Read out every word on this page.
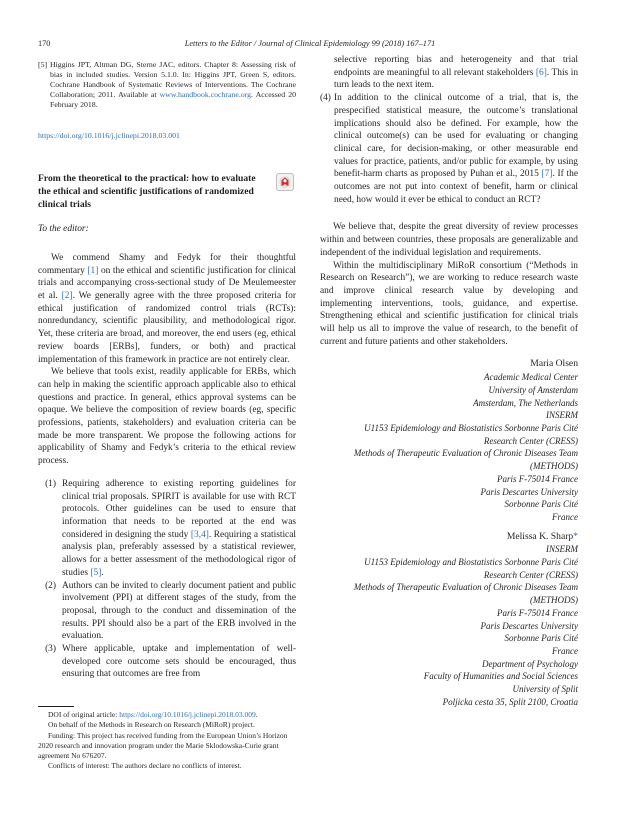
170	Letters to the Editor / Journal of Clinical Epidemiology 99 (2018) 167–171
[5] Higgins JPT, Altman DG, Sterne JAC, editors. Chapter 8: Assessing risk of bias in included studies. Version 5.1.0. In: Higgins JPT, Green S, editors. Cochrane Handbook of Systematic Reviews of Interventions. The Cochrane Collaboration; 2011. Available at www.handbook.cochrane.org. Accessed 20 February 2018.
https://doi.org/10.1016/j.jclinepi.2018.03.001
From the theoretical to the practical: how to evaluate the ethical and scientific justifications of randomized clinical trials
To the editor:

We commend Shamy and Fedyk for their thoughtful commentary [1] on the ethical and scientific justification for clinical trials and accompanying cross-sectional study of De Meulemeester et al. [2]. We generally agree with the three proposed criteria for ethical justification of randomized control trials (RCTs): nonredundancy, scientific plausibility, and methodological rigor. Yet, these criteria are broad, and moreover, the end users (eg, ethical review boards [ERBs], funders, or both) and practical implementation of this framework in practice are not entirely clear.

We believe that tools exist, readily applicable for ERBs, which can help in making the scientific approach applicable also to ethical questions and practice. In general, ethics approval systems can be opaque. We believe the composition of review boards (eg, specific professions, patients, stakeholders) and evaluation criteria can be made be more transparent. We propose the following actions for applicability of Shamy and Fedyk’s criteria to the ethical review process.

(1) Requiring adherence to existing reporting guidelines for clinical trial proposals. SPIRIT is available for use with RCT protocols. Other guidelines can be used to ensure that information that needs to be reported at the end was considered in designing the study [3,4]. Requiring a statistical analysis plan, preferably assessed by a statistical reviewer, allows for a better assessment of the methodological rigor of studies [5].
(2) Authors can be invited to clearly document patient and public involvement (PPI) at different stages of the study, from the proposal, through to the conduct and dissemination of the results. PPI should also be a part of the ERB involved in the evaluation.
(3) Where applicable, uptake and implementation of well-developed core outcome sets should be encouraged, thus ensuring that outcomes are free from
selective reporting bias and heterogeneity and that trial endpoints are meaningful to all relevant stakeholders [6]. This in turn leads to the next item.
(4) In addition to the clinical outcome of a trial, that is, the prespecified statistical measure, the outcome’s translational implications should also be defined. For example, how the clinical outcome(s) can be used for evaluating or changing clinical care, for decision-making, or other measurable end values for practice, patients, and/or public for example, by using benefit-harm charts as proposed by Puhan et al., 2015 [7]. If the outcomes are not put into context of benefit, harm or clinical need, how would it ever be ethical to conduct an RCT?

We believe that, despite the great diversity of review processes within and between countries, these proposals are generalizable and independent of the individual legislation and requirements.

Within the multidisciplinary MiRoR consortium (“Methods in Research on Research”), we are working to reduce research waste and improve clinical research value by developing and implementing interventions, tools, guidance, and expertise. Strengthening ethical and scientific justification for clinical trials will help us all to improve the value of research, to the benefit of current and future patients and other stakeholders.

Maria Olsen
Academic Medical Center
University of Amsterdam
Amsterdam, The Netherlands
INSERM
U1153 Epidemiology and Biostatistics Sorbonne Paris Cité
Research Center (CRESS)
Methods of Therapeutic Evaluation of Chronic Diseases Team
(METHODS)
Paris F-75014 France
Paris Descartes University
Sorbonne Paris Cité
France
Melissa K. Sharp*
INSERM
U1153 Epidemiology and Biostatistics Sorbonne Paris Cité
Research Center (CRESS)
Methods of Therapeutic Evaluation of Chronic Diseases Team
(METHODS)
Paris F-75014 France
Paris Descartes University
Sorbonne Paris Cité
France
Department of Psychology
Faculty of Humanities and Social Sciences
University of Split
Poljicka cesta 35, Split 2100, Croatia
DOI of original article: https://doi.org/10.1016/j.jclinepi.2018.03.009.
On behalf of the Methods in Research on Research (MiRoR) project.
Funding: This project has received funding from the European Union’s Horizon 2020 research and innovation program under the Marie Sklodowska-Curie grant agreement No 676207.
Conflicts of interest: The authors declare no conflicts of interest.
